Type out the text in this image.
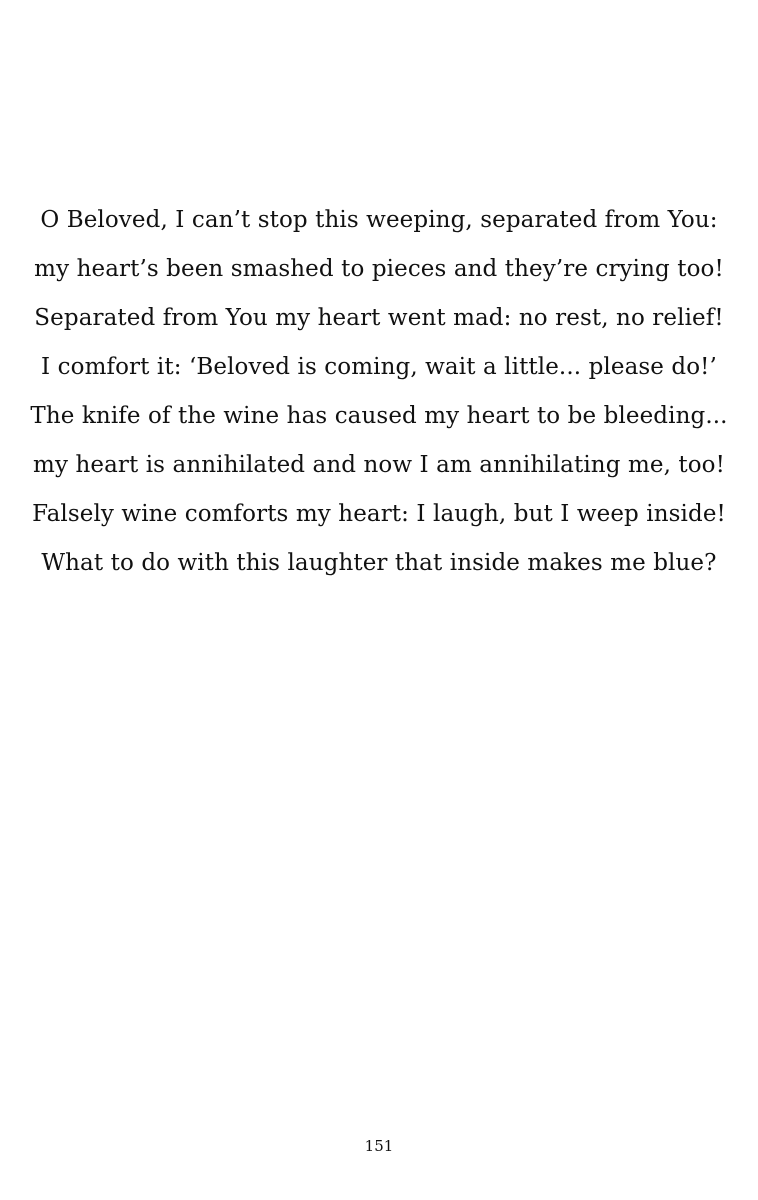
O Beloved, I can’t stop this weeping, separated from You:
my heart’s been smashed to pieces and they’re crying too!
Separated from You my heart went mad: no rest, no relief!
I comfort it: ‘Beloved is coming, wait a little... please do!’
The knife of the wine has caused my heart to be bleeding...
my heart is annihilated and now I am annihilating me, too!
Falsely wine comforts my heart: I laugh, but I weep inside!
What to do with this laughter that inside makes me blue?
151
